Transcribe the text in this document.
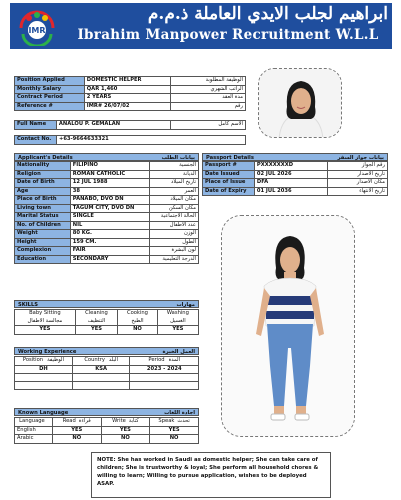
IMR
ابراهيم لجلب الايدي العاملة ذ.م.م
Ibrahim Manpower Recruitment W.L.L
Position Applied	DOMESTIC HELPER	الوظيفة المطلوبة
Monthly Salary	QAR 1,460	الراتب الشهري
Contract Period	2 YEARS	مدة العقد
Reference #	IMR# 26/07/02	رقم
Full Name	ANALOU P. GEMALAN	الأسم كامل
Contact No.	+63-9664633321
Applicant's Details	بيانات الطلب
Nationality	FILIPINO	الجنسية
Religion	ROMAN CATHOLIC	الديانة
Date of Birth	12 JUL 1988	تاريخ الميلاد
Age	38	العمر
Place of Birth	PANABO, DVO DN	مكان الميلاد
Living town	TAGUM CITY, DVO DN	مكان السكن
Marital Status	SINGLE	الحالة الاجتماعية
No. of Children	NIL	عدد الاطفال
Weight	80 KG.	الوزن
Height	159 CM.	الطول
Complexion	FAIR	لون البشرة
Education	SECONDARY	الدرجة التعليمية
Passport Details	بيانات جواز السفر
Passport #	PXXXXXXXD	رقم الجواز
Date Issued	02 JUL 2026	تاريخ الاصدار
Place of Issue	DFA	مكان الاصدار
Date of Expiry	01 JUL 2036	تاريخ الانتهاء
SKILLS	مهارات
Baby Sitting	Cleaning	Cooking	Washing
مجالسة الاطفال	التنظيف	الطبخ	الغسيل
YES	YES	NO	YES
Working Experience	العمل الخبرة
Position الوظيفة	Country البلد	Period المدة
DH	KSA	2023 - 2024

Known Language	اجادة اللغات
Language	Read قراءة	Write كتابة	Speak تحدث
English	YES	YES	YES
Arabic	NO	NO	NO
NOTE: She has worked in Saudi as domestic helper; She can take care of children; She is trustworthy & loyal; She perform all household chores & willing to learn; Willing to pursue application, wishes to be deployed ASAP.
